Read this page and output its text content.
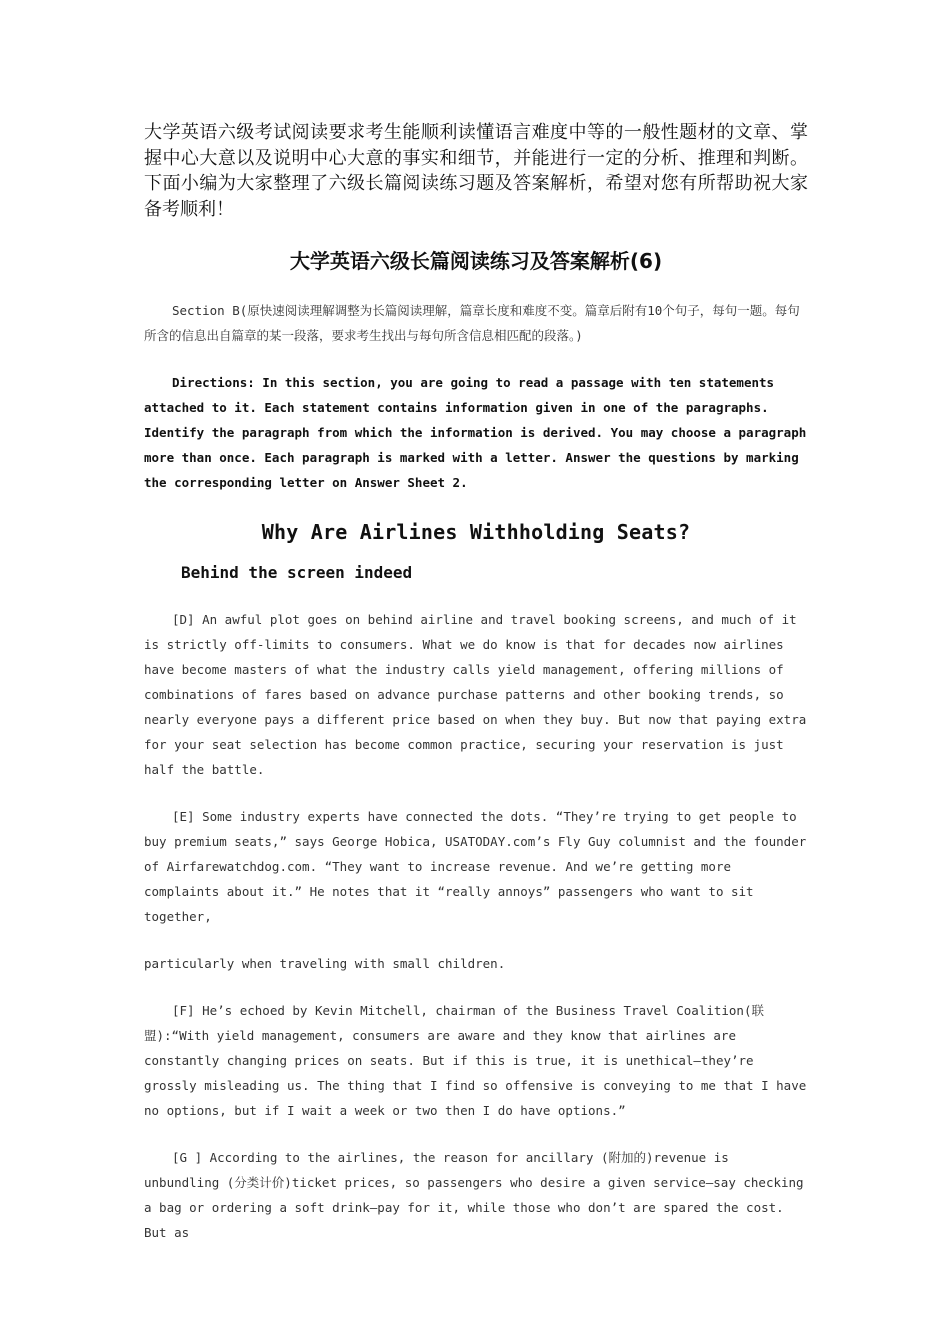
大学英语六级考试阅读要求考生能顺利读懂语言难度中等的一般性题材的文章、掌握中心大意以及说明中心大意的事实和细节，并能进行一定的分析、推理和判断。下面小编为大家整理了六级长篇阅读练习题及答案解析，希望对您有所帮助祝大家备考顺利！

大学英语六级长篇阅读练习及答案解析(6)

Section B(原快速阅读理解调整为长篇阅读理解，篇章长度和难度不变。篇章后附有10个句子，每句一题。每句所含的信息出自篇章的某一段落，要求考生找出与每句所含信息相匹配的段落。)

Directions: In this section, you are going to read a passage with ten statements attached to it. Each statement contains information given in one of the paragraphs. Identify the paragraph from which the information is derived. You may choose a paragraph more than once. Each paragraph is marked with a letter. Answer the questions by marking the corresponding letter on Answer Sheet 2.

Why Are Airlines Withholding Seats?
Behind the screen indeed

[D] An awful plot goes on behind airline and travel booking screens, and much of it is strictly off-limits to consumers. What we do know is that for decades now airlines have become masters of what the industry calls yield management, offering millions of combinations of fares based on advance purchase patterns and other booking trends, so nearly everyone pays a different price based on when they buy. But now that paying extra for your seat selection has become common practice, securing your reservation is just half the battle.

[E] Some industry experts have connected the dots. “They’re trying to get people to buy premium seats,” says George Hobica, USATODAY.com’s Fly Guy columnist and the founder of Airfarewatchdog.com. “They want to increase revenue. And we’re getting more complaints about it.” He notes that it “really annoys” passengers who want to sit together,

particularly when traveling with small children.

[F] He’s echoed by Kevin Mitchell, chairman of the Business Travel Coalition(联盟):“With yield management, consumers are aware and they know that airlines are constantly changing prices on seats. But if this is true, it is unethical—they’re grossly misleading us. The thing that I find so offensive is conveying to me that I have no options, but if I wait a week or two then I do have options.”

[G ] According to the airlines, the reason for ancillary (附加的)revenue is unbundling (分类计价)ticket prices, so passengers who desire a given service—say checking a bag or ordering a soft drink—pay for it, while those who don’t are spared the cost. But as
